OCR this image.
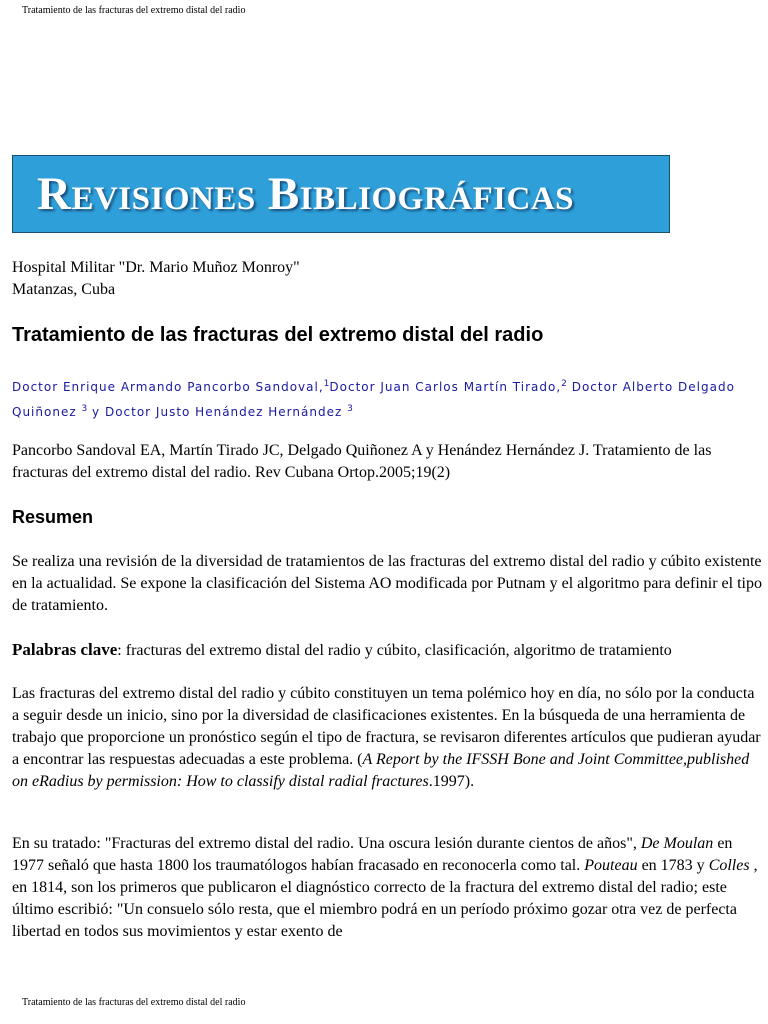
Tratamiento de las fracturas del extremo distal del radio
Revisiones Bibliográficas
Hospital Militar "Dr. Mario Muñoz Monroy"
Matanzas, Cuba
Tratamiento de las fracturas del extremo distal del radio
Doctor Enrique Armando Pancorbo Sandoval,$^1$Doctor Juan Carlos Martín Tirado,$^2$ Doctor Alberto Delgado Quiñonez $^3$ y Doctor Justo Henández Hernández $^3$
Pancorbo Sandoval EA, Martín Tirado JC, Delgado Quiñonez A y Henández Hernández J. Tratamiento de las fracturas del extremo distal del radio. Rev Cubana Ortop.2005;19(2)
Resumen
Se realiza una revisión de la diversidad de tratamientos de las fracturas del extremo distal del radio y cúbito existente en la actualidad. Se expone la clasificación del Sistema AO modificada por Putnam y el algoritmo para definir el tipo de tratamiento.
Palabras clave: fracturas del extremo distal del radio y cúbito, clasificación, algoritmo de tratamiento
Las fracturas del extremo distal del radio y cúbito constituyen un tema polémico hoy en día, no sólo por la conducta a seguir desde un inicio, sino por la diversidad de clasificaciones existentes. En la búsqueda de una herramienta de trabajo que proporcione un pronóstico según el tipo de fractura, se revisaron diferentes artículos que pudieran ayudar a encontrar las respuestas adecuadas a este problema. (A Report by the IFSSH Bone and Joint Committee,published on eRadius by permission: How to classify distal radial fractures.1997).
En su tratado: "Fracturas del extremo distal del radio. Una oscura lesión durante cientos de años", De Moulan en 1977 señaló que hasta 1800 los traumatólogos habían fracasado en reconocerla como tal. Pouteau en 1783 y Colles , en 1814, son los primeros que publicaron el diagnóstico correcto de la fractura del extremo distal del radio; este último escribió: "Un consuelo sólo resta, que el miembro podrá en un período próximo gozar otra vez de perfecta libertad en todos sus movimientos y estar exento de
Tratamiento de las fracturas del extremo distal del radio
